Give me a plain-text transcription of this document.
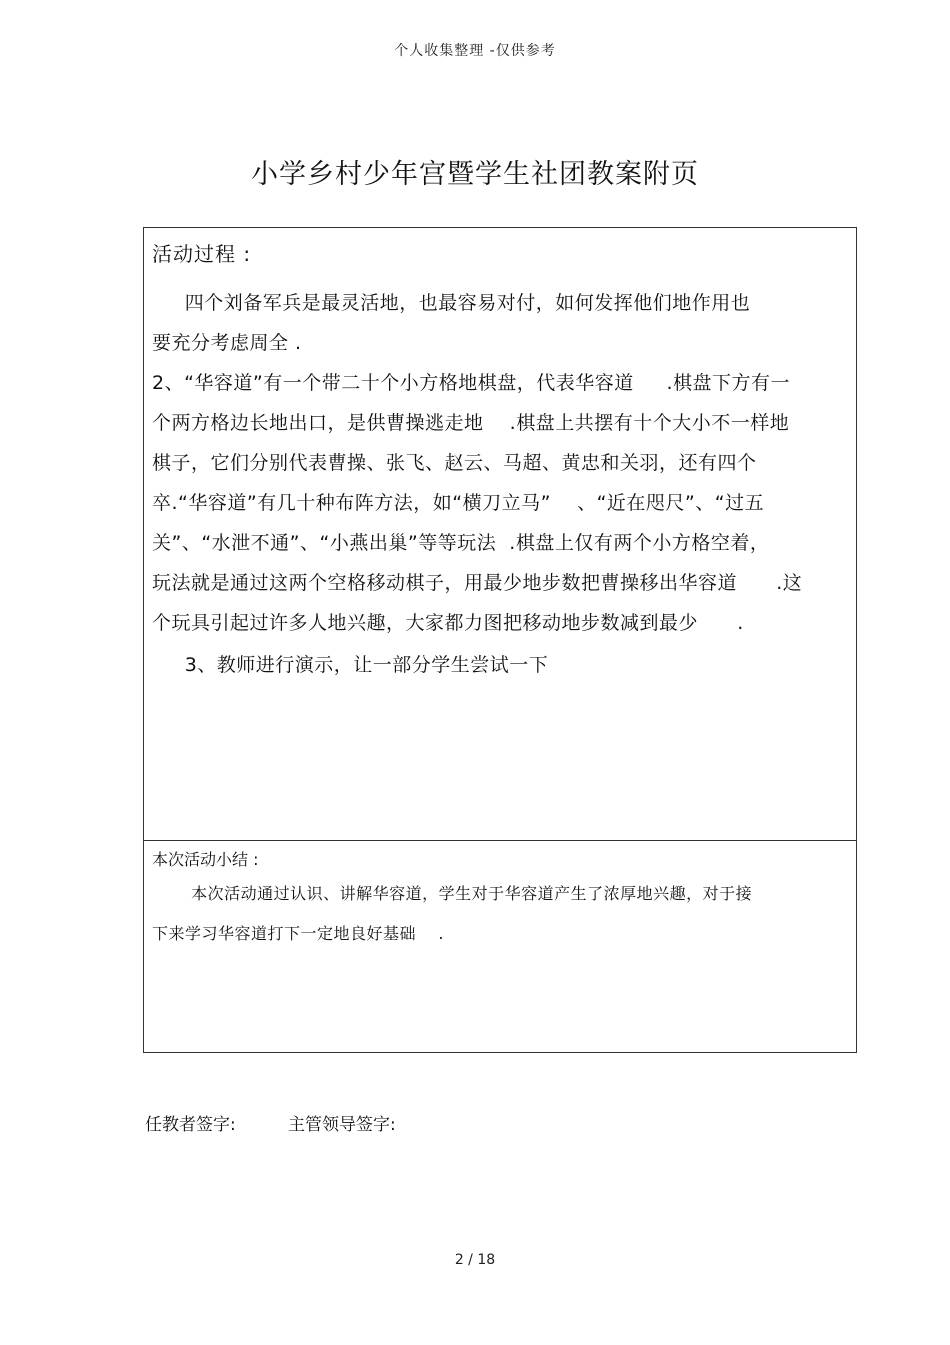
个人收集整理 -仅供参考
小学乡村少年宫暨学生社团教案附页
活动过程 :
四个刘备军兵是最灵活地，也最容易对付，如何发挥他们地作用也
要充分考虑周全 .
2、“华容道”有一个带二十个小方格地棋盘，代表华容道     .棋盘下方有一
个两方格边长地出口，是供曹操逃走地    .棋盘上共摆有十个大小不一样地
棋子，它们分别代表曹操、张飞、赵云、马超、黄忠和关羽，还有四个
卒.“华容道”有几十种布阵方法，如“横刀立马”    、“近在咫尺”、“过五
关”、“水泄不通”、“小燕出巢”等等玩法  .棋盘上仅有两个小方格空着，
玩法就是通过这两个空格移动棋子，用最少地步数把曹操移出华容道      .这
个玩具引起过许多人地兴趣，大家都力图把移动地步数减到最少      .
3、教师进行演示，让一部分学生尝试一下
本次活动小结 :
本次活动通过认识、讲解华容道，学生对于华容道产生了浓厚地兴趣，对于接
下来学习华容道打下一定地良好基础    .
任教者签字:	主管领导签字:
2 / 18
